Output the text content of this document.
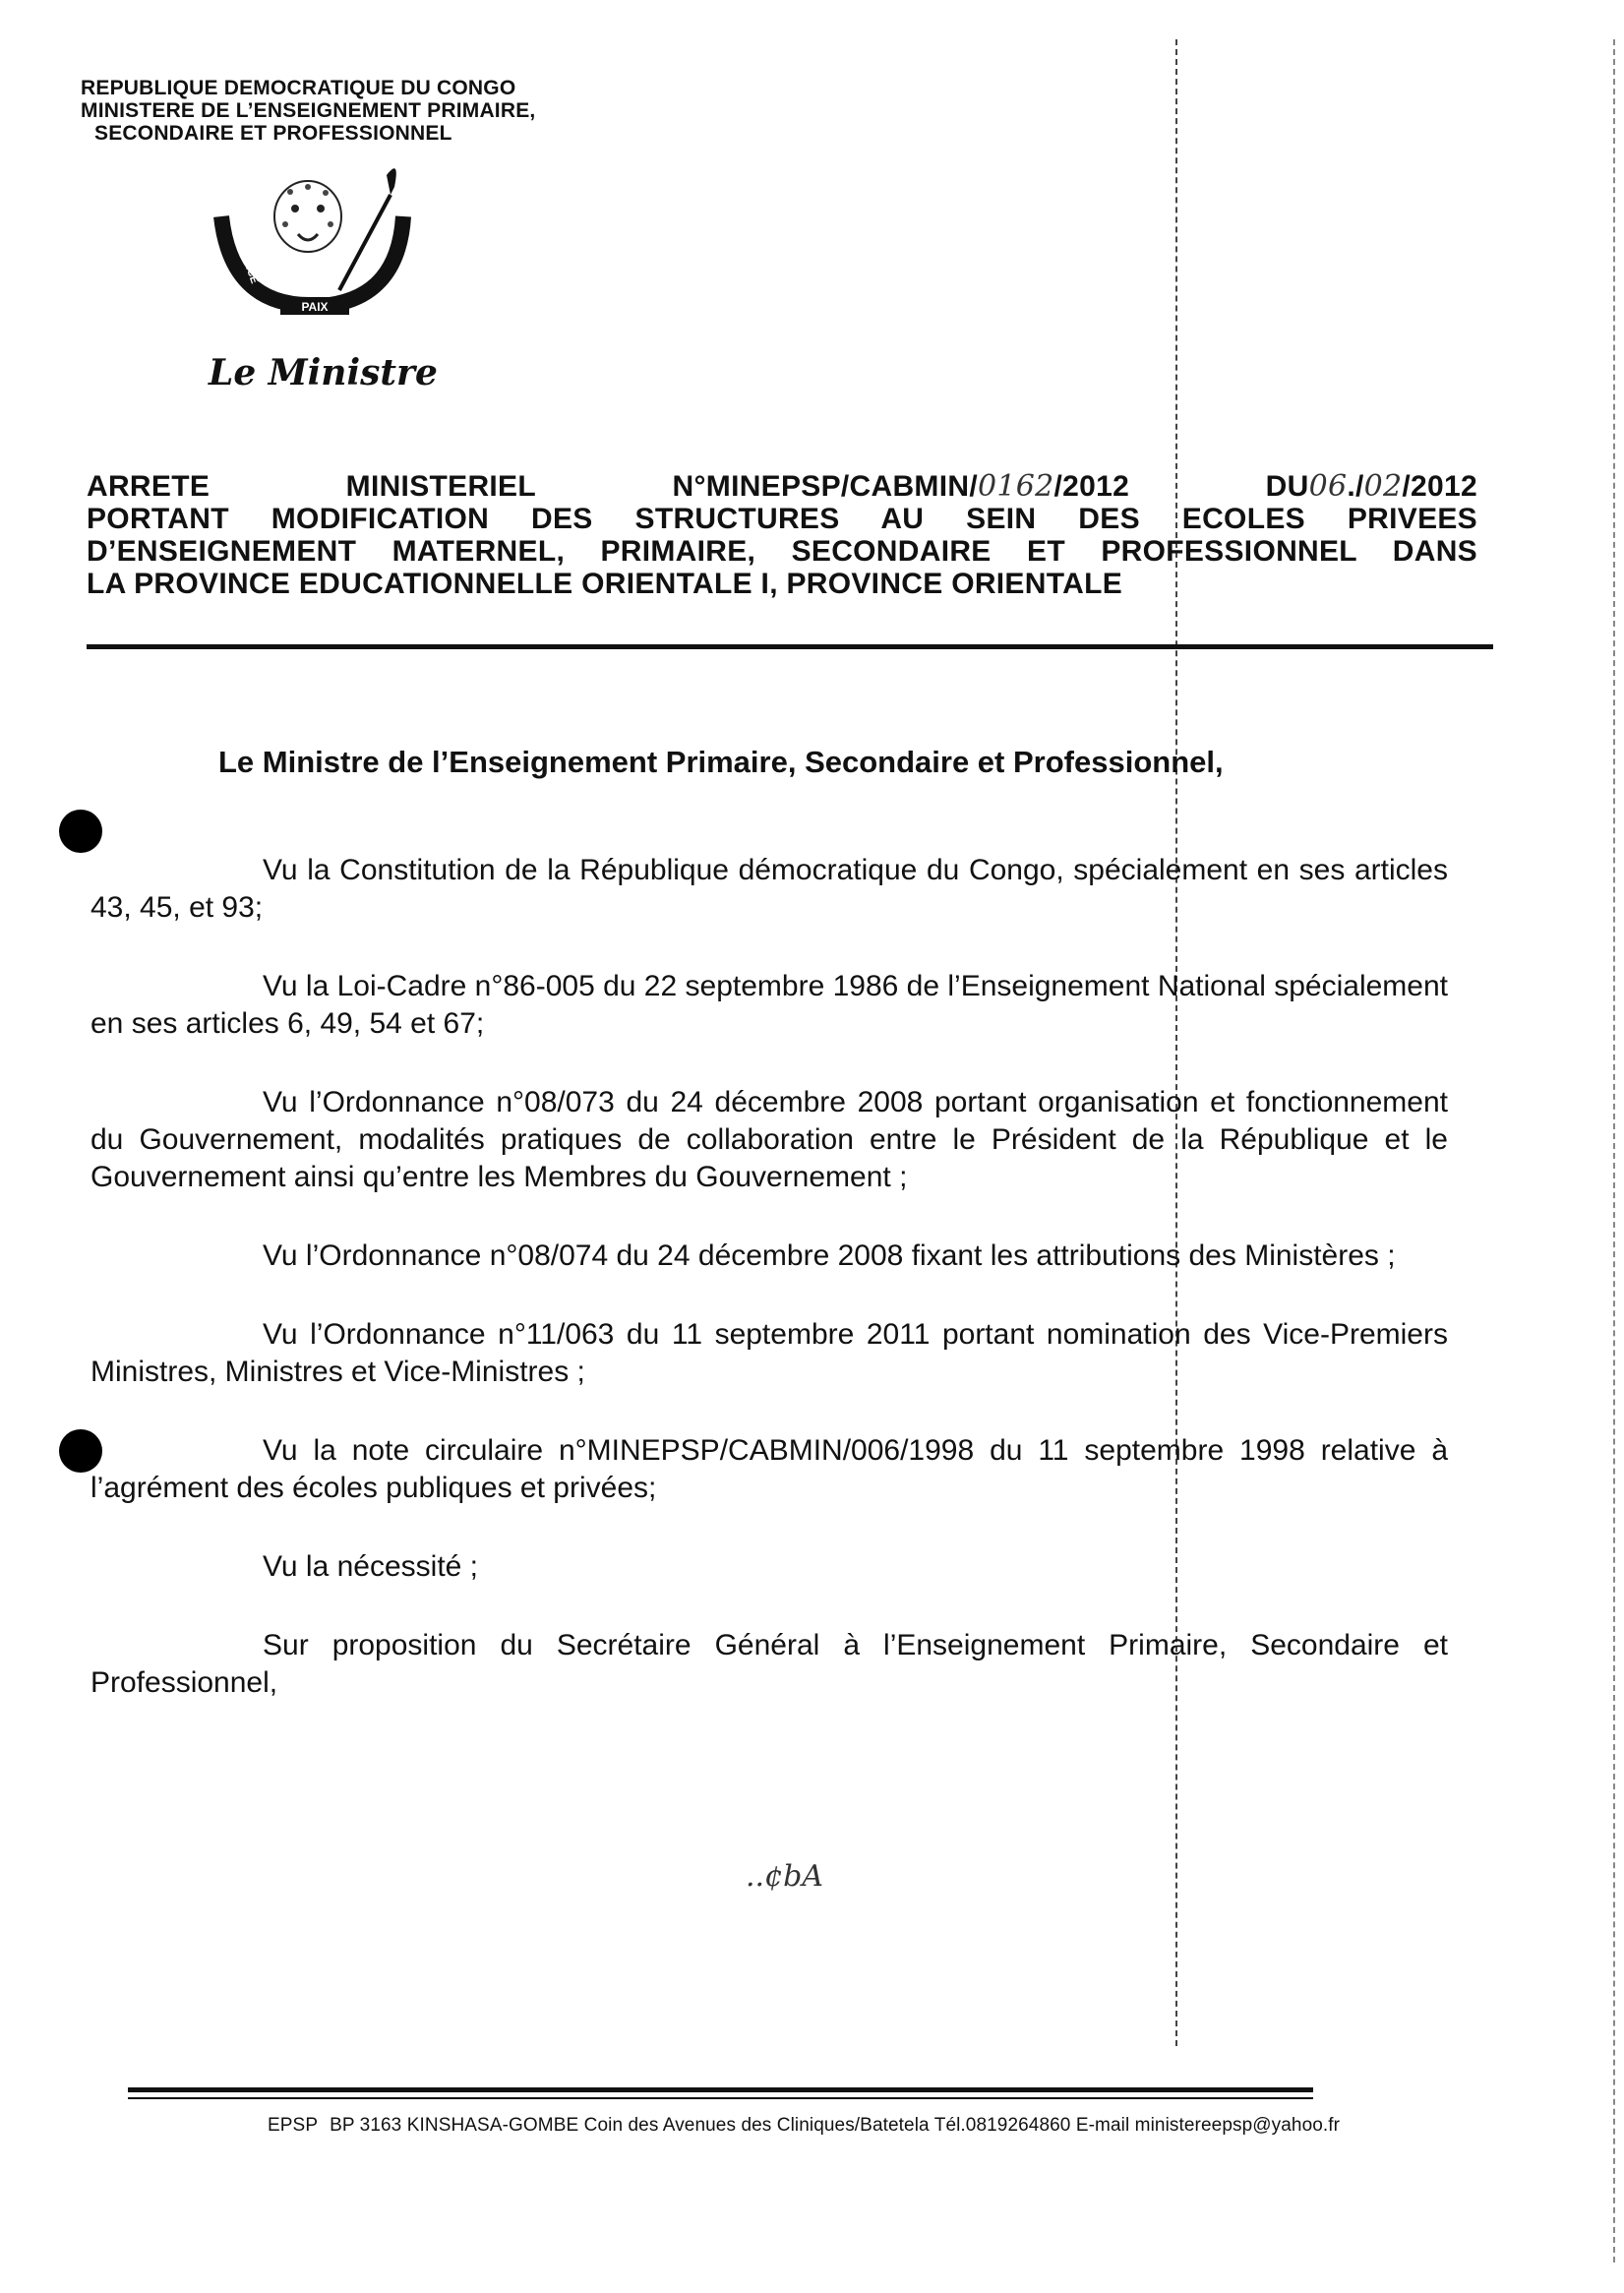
REPUBLIQUE DEMOCRATIQUE DU CONGO
MINISTERE DE L’ENSEIGNEMENT PRIMAIRE,
SECONDAIRE ET PROFESSIONNEL
PAIX
JUSTICE
TRAVAIL
Le Ministre
ARRETE	MINISTERIEL	N°MINEPSP/CABMIN/0162/2012	DU06./02/2012
PORTANT MODIFICATION DES STRUCTURES AU SEIN DES ECOLES PRIVEES
D’ENSEIGNEMENT MATERNEL, PRIMAIRE, SECONDAIRE ET PROFESSIONNEL DANS
LA PROVINCE EDUCATIONNELLE ORIENTALE I, PROVINCE ORIENTALE
Le Ministre de l’Enseignement Primaire, Secondaire et Professionnel,
Vu la Constitution de la République démocratique du Congo, spécialement en ses articles 43, 45, et 93;
Vu la Loi-Cadre n°86-005 du 22 septembre 1986 de l’Enseignement National spécialement en ses articles 6, 49, 54 et 67;
Vu l’Ordonnance n°08/073 du 24 décembre 2008 portant organisation et fonctionnement du Gouvernement, modalités pratiques de collaboration entre le Président de la République et le Gouvernement ainsi qu’entre les Membres du Gouvernement ;
Vu l’Ordonnance n°08/074 du 24 décembre 2008 fixant les attributions des Ministères ;
Vu l’Ordonnance n°11/063 du 11 septembre 2011 portant nomination des Vice-Premiers Ministres, Ministres et Vice-Ministres ;
Vu la note circulaire n°MINEPSP/CABMIN/006/1998 du 11 septembre 1998 relative à l’agrément des écoles publiques et privées;
Vu la nécessité ;
Sur proposition du Secrétaire Général à l’Enseignement Primaire, Secondaire et Professionnel,
..¢bA
EPSP BP 3163 KINSHASA-GOMBE Coin des Avenues des Cliniques/Batetela Tél.0819264860 E-mail ministereepsp@yahoo.fr
